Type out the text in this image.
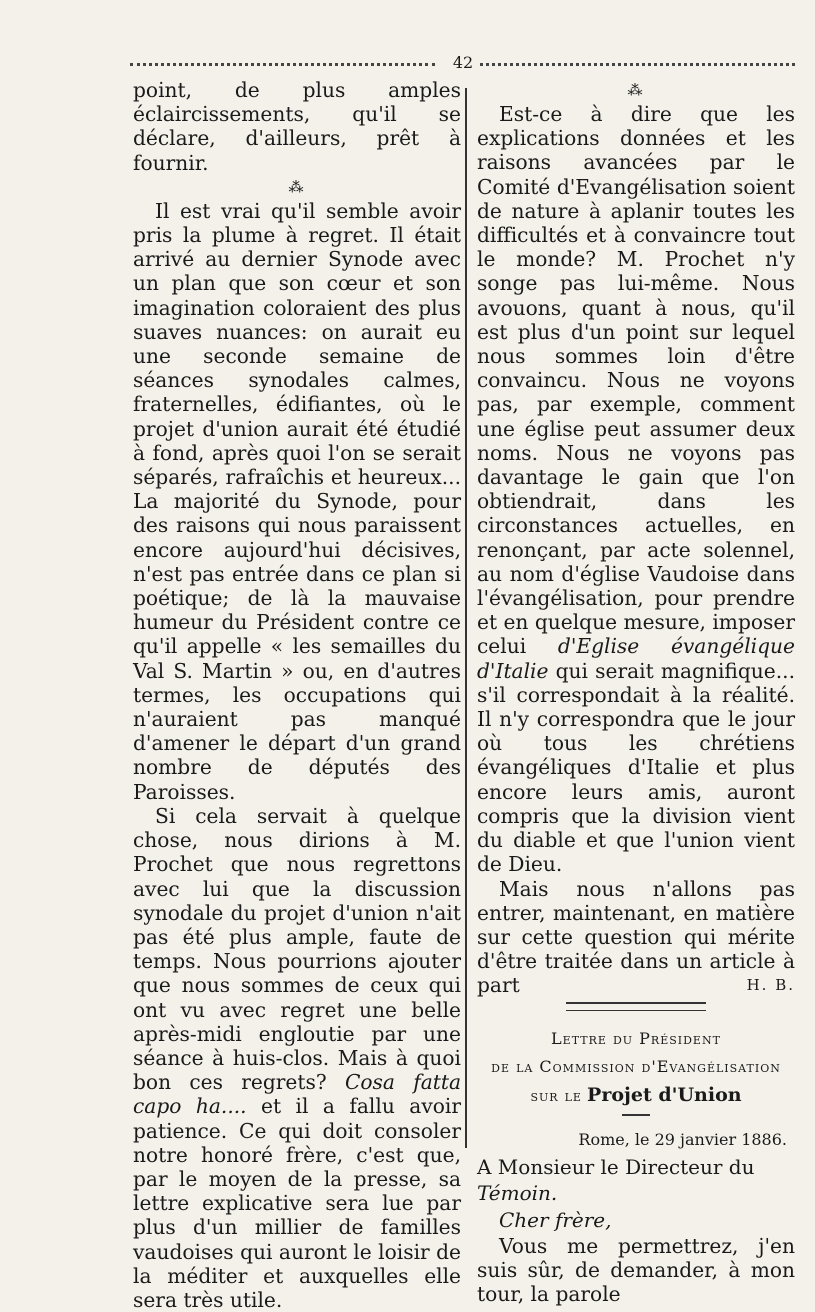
42

point, de plus amples éclaircissements, qu'il se déclare, d'ailleurs, prêt à fournir.

⁂

Il est vrai qu'il semble avoir pris la plume à regret. Il était arrivé au dernier Synode avec un plan que son cœur et son imagination coloraient des plus suaves nuances: on aurait eu une seconde semaine de séances synodales calmes, fraternelles, édifiantes, où le projet d'union aurait été étudié à fond, après quoi l'on se serait séparés, rafraîchis et heureux... La majorité du Synode, pour des raisons qui nous paraissent encore aujourd'hui décisives, n'est pas entrée dans ce plan si poétique; de là la mauvaise humeur du Président contre ce qu'il appelle « les semailles du Val S. Martin » ou, en d'autres termes, les occupations qui n'auraient pas manqué d'amener le départ d'un grand nombre de députés des Paroisses.

Si cela servait à quelque chose, nous dirions à M. Prochet que nous regrettons avec lui que la discussion synodale du projet d'union n'ait pas été plus ample, faute de temps. Nous pourrions ajouter que nous sommes de ceux qui ont vu avec regret une belle après-midi engloutie par une séance à huis-clos. Mais à quoi bon ces regrets? Cosa fatta capo ha.... et il a fallu avoir patience. Ce qui doit consoler notre honoré frère, c'est que, par le moyen de la presse, sa lettre explicative sera lue par plus d'un millier de familles vaudoises qui auront le loisir de la méditer et auxquelles elle sera très utile.

⁂

Est-ce à dire que les explications données et les raisons avancées par le Comité d'Evangélisation soient de nature à aplanir toutes les difficultés et à convaincre tout le monde? M. Prochet n'y songe pas lui-même. Nous avouons, quant à nous, qu'il est plus d'un point sur lequel nous sommes loin d'être convaincu. Nous ne voyons pas, par exemple, comment une église peut assumer deux noms. Nous ne voyons pas davantage le gain que l'on obtiendrait, dans les circonstances actuelles, en renonçant, par acte solennel, au nom d'église Vaudoise dans l'évangélisation, pour prendre et en quelque mesure, imposer celui d'Eglise évangélique d'Italie qui serait magnifique... s'il correspondait à la réalité. Il n'y correspondra que le jour où tous les chrétiens évangéliques d'Italie et plus encore leurs amis, auront compris que la division vient du diable et que l'union vient de Dieu.

Mais nous n'allons pas entrer, maintenant, en matière sur cette question qui mérite d'être traitée dans un article à part	H. B.

Lettre du Président

de la Commission d'Evangélisation

sur le Projet d'Union

Rome, le 29 janvier 1886.

A Monsieur le Directeur du Témoin.

Cher frère,

Vous me permettrez, j'en suis sûr, de demander, à mon tour, la parole
